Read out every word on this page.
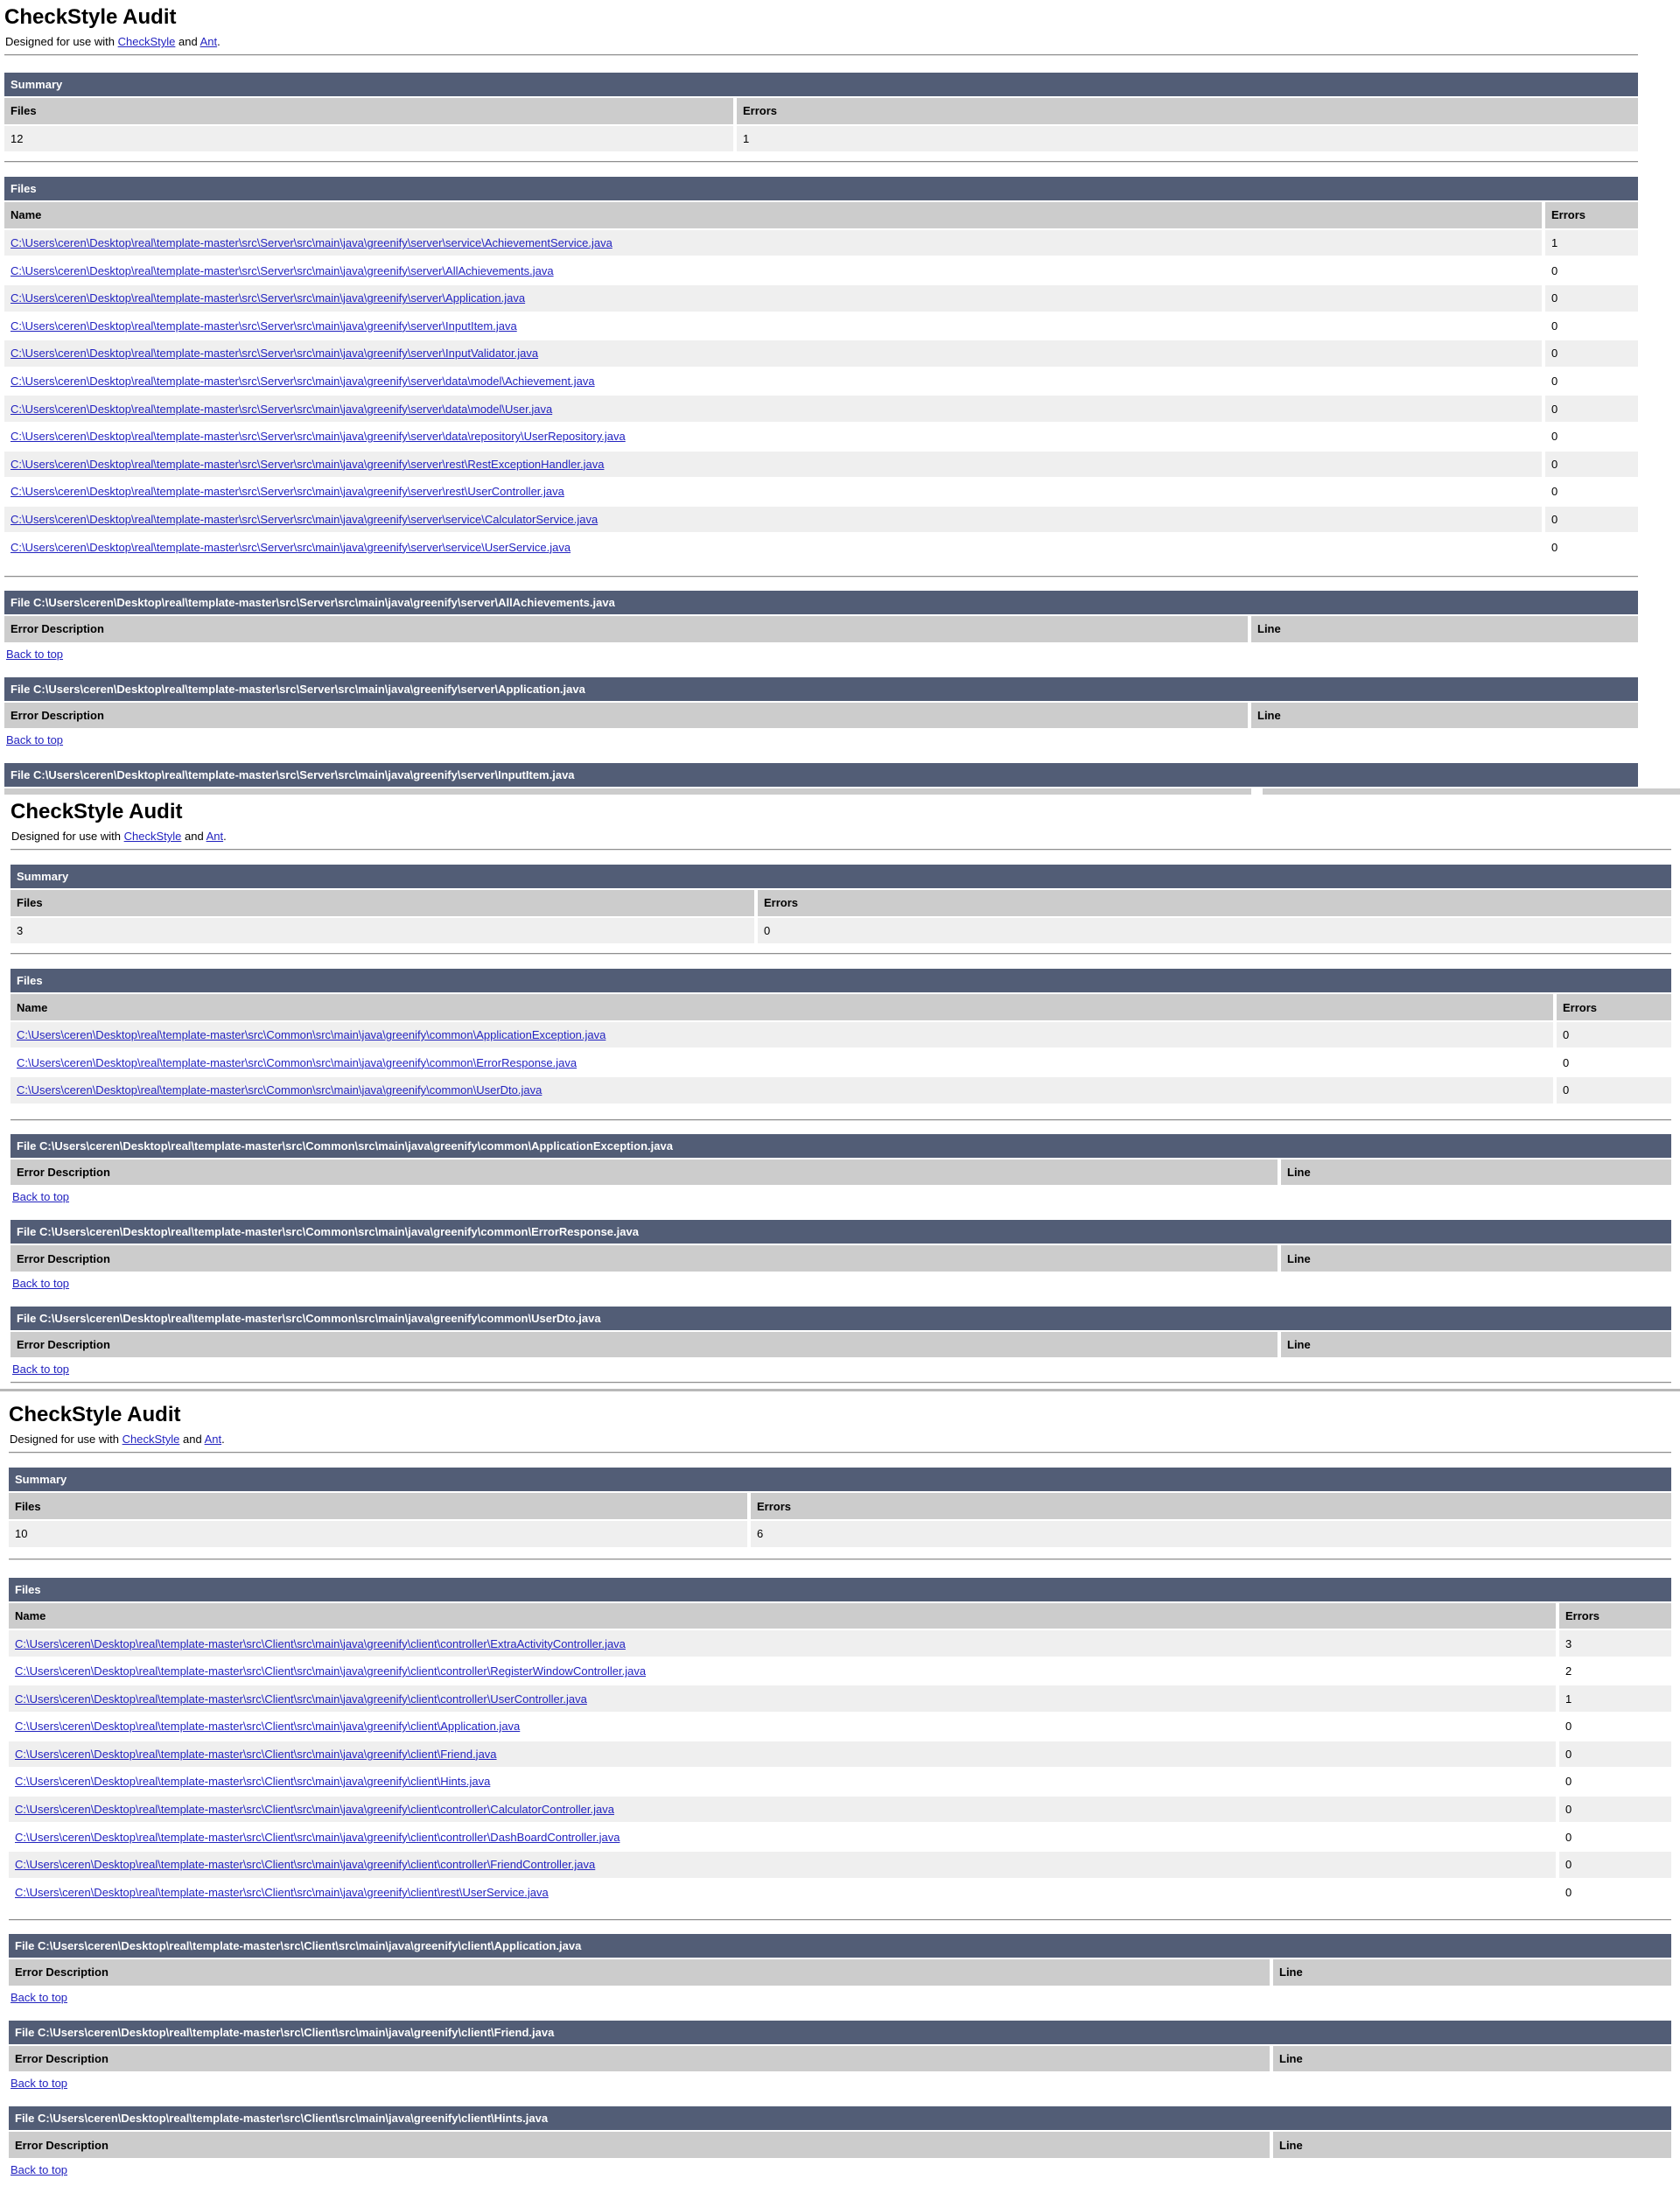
CheckStyle Audit

Designed for use with CheckStyle and Ant.

Summary
Files	Errors
12	1
Files
Name	Errors
C:\Users\ceren\Desktop\real\template-master\src\Server\src\main\java\greenify\server\service\AchievementService.java	1
C:\Users\ceren\Desktop\real\template-master\src\Server\src\main\java\greenify\server\AllAchievements.java	0
C:\Users\ceren\Desktop\real\template-master\src\Server\src\main\java\greenify\server\Application.java	0
C:\Users\ceren\Desktop\real\template-master\src\Server\src\main\java\greenify\server\InputItem.java	0
C:\Users\ceren\Desktop\real\template-master\src\Server\src\main\java\greenify\server\InputValidator.java	0
C:\Users\ceren\Desktop\real\template-master\src\Server\src\main\java\greenify\server\data\model\Achievement.java	0
C:\Users\ceren\Desktop\real\template-master\src\Server\src\main\java\greenify\server\data\model\User.java	0
C:\Users\ceren\Desktop\real\template-master\src\Server\src\main\java\greenify\server\data\repository\UserRepository.java	0
C:\Users\ceren\Desktop\real\template-master\src\Server\src\main\java\greenify\server\rest\RestExceptionHandler.java	0
C:\Users\ceren\Desktop\real\template-master\src\Server\src\main\java\greenify\server\rest\UserController.java	0
C:\Users\ceren\Desktop\real\template-master\src\Server\src\main\java\greenify\server\service\CalculatorService.java	0
C:\Users\ceren\Desktop\real\template-master\src\Server\src\main\java\greenify\server\service\UserService.java	0
File C:\Users\ceren\Desktop\real\template-master\src\Server\src\main\java\greenify\server\AllAchievements.java
Error Description	Line
Back to top
File C:\Users\ceren\Desktop\real\template-master\src\Server\src\main\java\greenify\server\Application.java
Error Description	Line
Back to top
File C:\Users\ceren\Desktop\real\template-master\src\Server\src\main\java\greenify\server\InputItem.java
CheckStyle Audit

Designed for use with CheckStyle and Ant.

Summary
Files	Errors
3	0
Files
Name	Errors
C:\Users\ceren\Desktop\real\template-master\src\Common\src\main\java\greenify\common\ApplicationException.java	0
C:\Users\ceren\Desktop\real\template-master\src\Common\src\main\java\greenify\common\ErrorResponse.java	0
C:\Users\ceren\Desktop\real\template-master\src\Common\src\main\java\greenify\common\UserDto.java	0
File C:\Users\ceren\Desktop\real\template-master\src\Common\src\main\java\greenify\common\ApplicationException.java
Error Description	Line
Back to top
File C:\Users\ceren\Desktop\real\template-master\src\Common\src\main\java\greenify\common\ErrorResponse.java
Error Description	Line
Back to top
File C:\Users\ceren\Desktop\real\template-master\src\Common\src\main\java\greenify\common\UserDto.java
Error Description	Line
Back to top
CheckStyle Audit

Designed for use with CheckStyle and Ant.

Summary
Files	Errors
10	6
Files
Name	Errors
C:\Users\ceren\Desktop\real\template-master\src\Client\src\main\java\greenify\client\controller\ExtraActivityController.java	3
C:\Users\ceren\Desktop\real\template-master\src\Client\src\main\java\greenify\client\controller\RegisterWindowController.java	2
C:\Users\ceren\Desktop\real\template-master\src\Client\src\main\java\greenify\client\controller\UserController.java	1
C:\Users\ceren\Desktop\real\template-master\src\Client\src\main\java\greenify\client\Application.java	0
C:\Users\ceren\Desktop\real\template-master\src\Client\src\main\java\greenify\client\Friend.java	0
C:\Users\ceren\Desktop\real\template-master\src\Client\src\main\java\greenify\client\Hints.java	0
C:\Users\ceren\Desktop\real\template-master\src\Client\src\main\java\greenify\client\controller\CalculatorController.java	0
C:\Users\ceren\Desktop\real\template-master\src\Client\src\main\java\greenify\client\controller\DashBoardController.java	0
C:\Users\ceren\Desktop\real\template-master\src\Client\src\main\java\greenify\client\controller\FriendController.java	0
C:\Users\ceren\Desktop\real\template-master\src\Client\src\main\java\greenify\client\rest\UserService.java	0
File C:\Users\ceren\Desktop\real\template-master\src\Client\src\main\java\greenify\client\Application.java
Error Description	Line
Back to top
File C:\Users\ceren\Desktop\real\template-master\src\Client\src\main\java\greenify\client\Friend.java
Error Description	Line
Back to top
File C:\Users\ceren\Desktop\real\template-master\src\Client\src\main\java\greenify\client\Hints.java
Error Description	Line
Back to top
